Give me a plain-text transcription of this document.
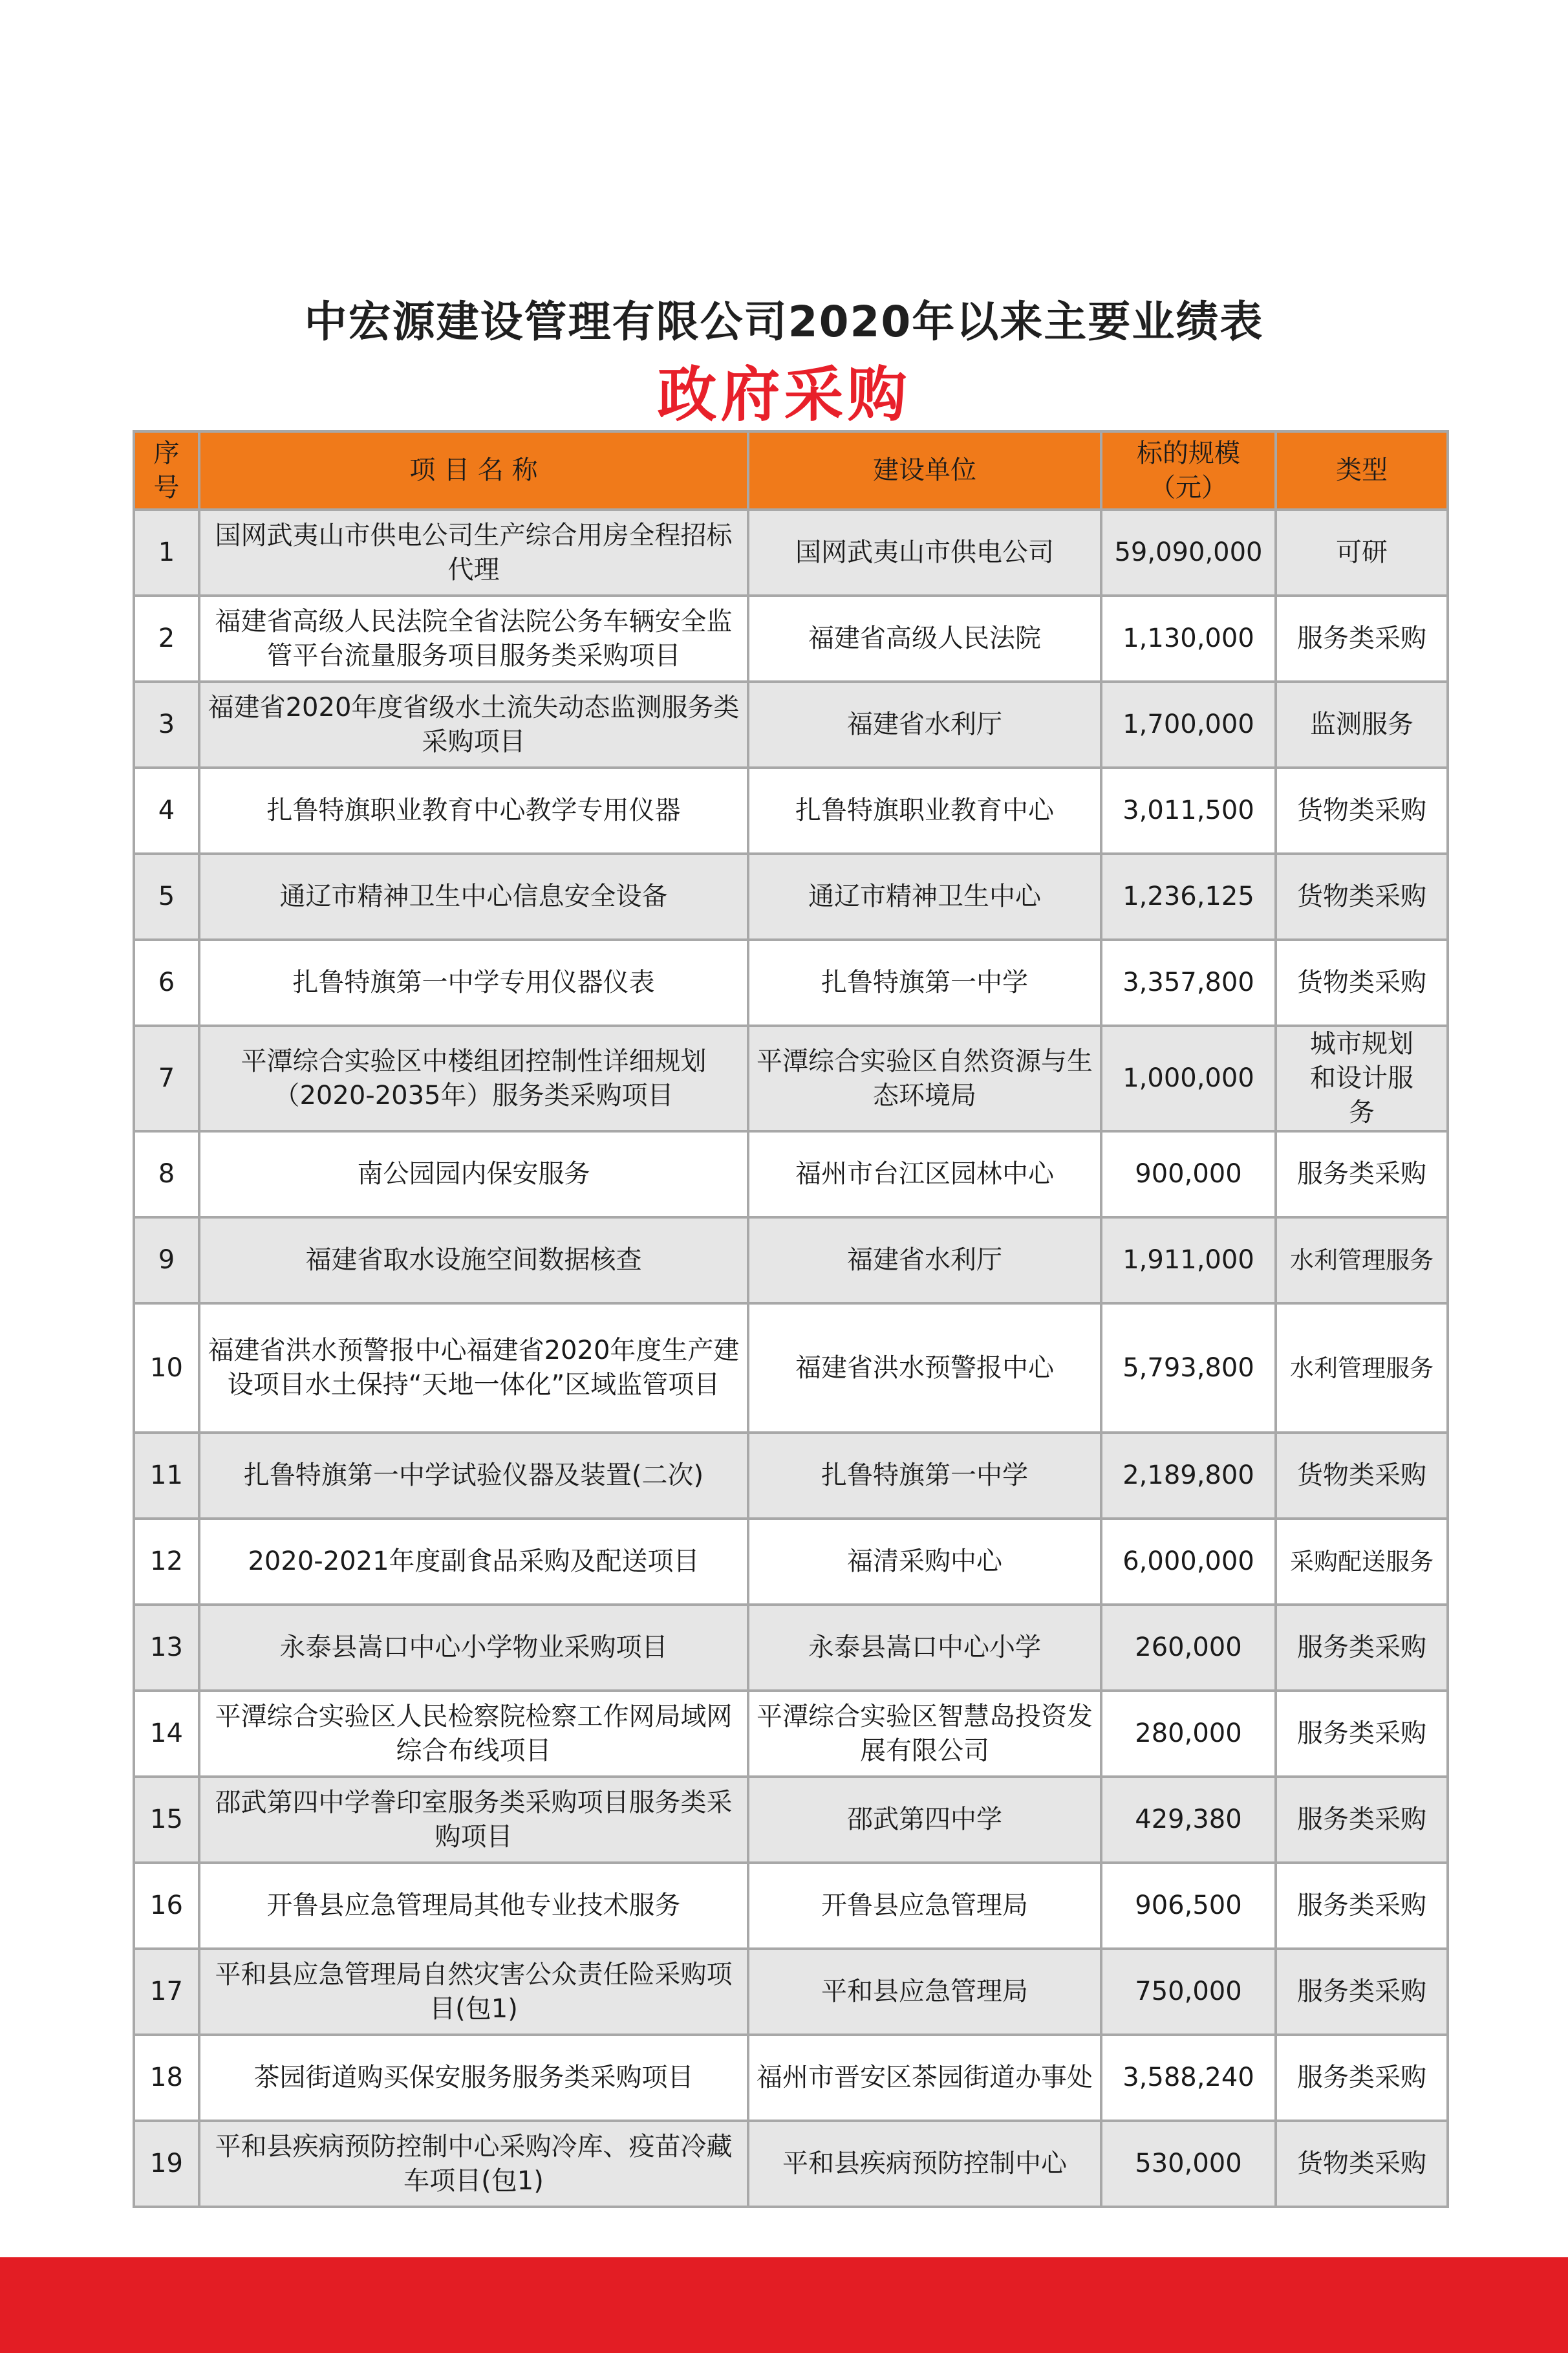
中宏源建设管理有限公司2020年以来主要业绩表
政府采购
序号	项 目 名 称	建设单位	标的规模（元）	类型
1	国网武夷山市供电公司生产综合用房全程招标代理	国网武夷山市供电公司	59,090,000	可研
2	福建省高级人民法院全省法院公务车辆安全监管平台流量服务项目服务类采购项目	福建省高级人民法院	1,130,000	服务类采购
3	福建省2020年度省级水土流失动态监测服务类采购项目	福建省水利厅	1,700,000	监测服务
4	扎鲁特旗职业教育中心教学专用仪器	扎鲁特旗职业教育中心	3,011,500	货物类采购
5	通辽市精神卫生中心信息安全设备	通辽市精神卫生中心	1,236,125	货物类采购
6	扎鲁特旗第一中学专用仪器仪表	扎鲁特旗第一中学	3,357,800	货物类采购
7	平潭综合实验区中楼组团控制性详细规划（2020-2035年）服务类采购项目	平潭综合实验区自然资源与生态环境局	1,000,000	城市规划和设计服务
8	南公园园内保安服务	福州市台江区园林中心	900,000	服务类采购
9	福建省取水设施空间数据核查	福建省水利厅	1,911,000	水利管理服务
10	福建省洪水预警报中心福建省2020年度生产建设项目水土保持“天地一体化”区域监管项目	福建省洪水预警报中心	5,793,800	水利管理服务
11	扎鲁特旗第一中学试验仪器及装置(二次)	扎鲁特旗第一中学	2,189,800	货物类采购
12	2020-2021年度副食品采购及配送项目	福清采购中心	6,000,000	采购配送服务
13	永泰县嵩口中心小学物业采购项目	永泰县嵩口中心小学	260,000	服务类采购
14	平潭综合实验区人民检察院检察工作网局域网综合布线项目	平潭综合实验区智慧岛投资发展有限公司	280,000	服务类采购
15	邵武第四中学誊印室服务类采购项目服务类采购项目	邵武第四中学	429,380	服务类采购
16	开鲁县应急管理局其他专业技术服务	开鲁县应急管理局	906,500	服务类采购
17	平和县应急管理局自然灾害公众责任险采购项目(包1)	平和县应急管理局	750,000	服务类采购
18	茶园街道购买保安服务服务类采购项目	福州市晋安区茶园街道办事处	3,588,240	服务类采购
19	平和县疾病预防控制中心采购冷库、疫苗冷藏车项目(包1)	平和县疾病预防控制中心	530,000	货物类采购
